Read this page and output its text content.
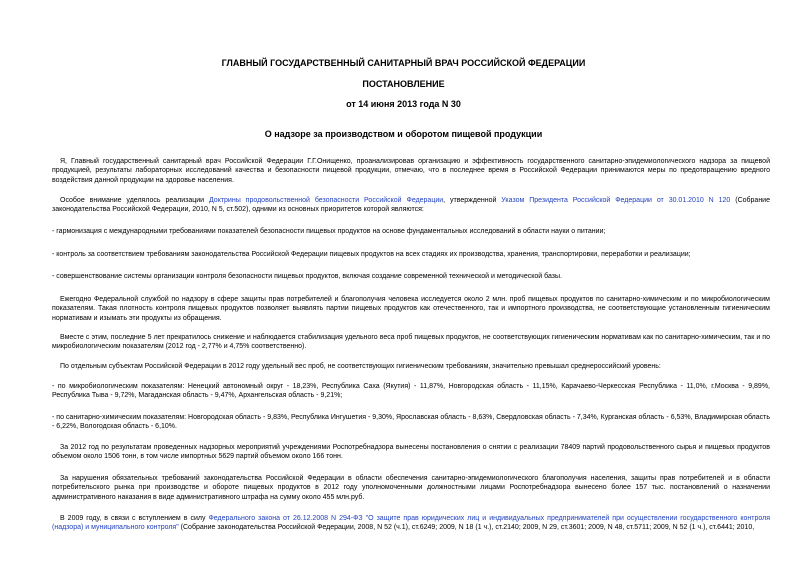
ГЛАВНЫЙ ГОСУДАРСТВЕННЫЙ САНИТАРНЫЙ ВРАЧ РОССИЙСКОЙ ФЕДЕРАЦИИ
ПОСТАНОВЛЕНИЕ
от 14 июня 2013 года N 30
О надзоре за производством и оборотом пищевой продукции

Я, Главный государственный санитарный врач Российской Федерации Г.Г.Онищенко, проанализировав организацию и эффективность государственного санитарно-эпидемиологического надзора за пищевой продукцией, результаты лабораторных исследований качества и безопасности пищевой продукции, отмечаю, что в последнее время в Российской Федерации принимаются меры по предотвращению вредного воздействия данной продукции на здоровье населения.

Особое внимание уделялось реализации Доктрины продовольственной безопасности Российской Федерации, утвержденной Указом Президента Российской Федерации от 30.01.2010 N 120 (Собрание законодательства Российской Федерации, 2010, N 5, ст.502), одними из основных приоритетов которой являются:

- гармонизация с международными требованиями показателей безопасности пищевых продуктов на основе фундаментальных исследований в области науки о питании;

- контроль за соответствием требованиям законодательства Российской Федерации пищевых продуктов на всех стадиях их производства, хранения, транспортировки, переработки и реализации;

- совершенствование системы организации контроля безопасности пищевых продуктов, включая создание современной технической и методической базы.

Ежегодно Федеральной службой по надзору в сфере защиты прав потребителей и благополучия человека исследуется около 2 млн. проб пищевых продуктов по санитарно-химическим и по микробиологическим показателям. Такая плотность контроля пищевых продуктов позволяет выявлять партии пищевых продуктов как отечественного, так и импортного производства, не соответствующие установленным гигиеническим нормативам и изымать эти продукты из обращения.

Вместе с этим, последние 5 лет прекратилось снижение и наблюдается стабилизация удельного веса проб пищевых продуктов, не соответствующих гигиеническим нормативам как по санитарно-химическим, так и по микробиологическим показателям (2012 год - 2,77% и 4,75% соответственно).

По отдельным субъектам Российской Федерации в 2012 году удельный вес проб, не соответствующих гигиеническим требованиям, значительно превышал среднероссийский уровень:

- по микробиологическим показателям: Ненецкий автономный округ - 18,23%, Республика Саха (Якутия) - 11,87%, Новгородская область - 11,15%, Карачаево-Черкесская Республика - 11,0%, г.Москва - 9,89%, Республика Тыва - 9,72%, Магаданская область - 9,47%, Архангельская область - 9,21%;

- по санитарно-химическим показателям: Новгородская область - 9,83%, Республика Ингушетия - 9,30%, Ярославская область - 8,63%, Свердловская область - 7,34%, Курганская область - 6,53%, Владимирская область - 6,22%, Вологодская область - 6,10%.

За 2012 год по результатам проведенных надзорных мероприятий учреждениями Роспотребнадзора вынесены постановления о снятии с реализации 78409 партий продовольственного сырья и пищевых продуктов объемом около 1506 тонн, в том числе импортных 5629 партий объемом около 166 тонн.

За нарушения обязательных требований законодательства Российской Федерации в области обеспечения санитарно-эпидемиологического благополучия населения, защиты прав потребителей и в области потребительского рынка при производстве и обороте пищевых продуктов в 2012 году уполномоченными должностными лицами Роспотребнадзора вынесено более 157 тыс. постановлений о назначении административного наказания в виде административного штрафа на сумму около 455 млн.руб.

В 2009 году, в связи с вступлением в силу Федерального закона от 26.12.2008 N 294-ФЗ "О защите прав юридических лиц и индивидуальных предпринимателей при осуществлении государственного контроля (надзора) и муниципального контроля" (Собрание законодательства Российской Федерации, 2008, N 52 (ч.1), ст.6249; 2009, N 18 (1 ч.), ст.2140; 2009, N 29, ст.3601; 2009, N 48, ст.5711; 2009, N 52 (1 ч.), ст.6441; 2010,
